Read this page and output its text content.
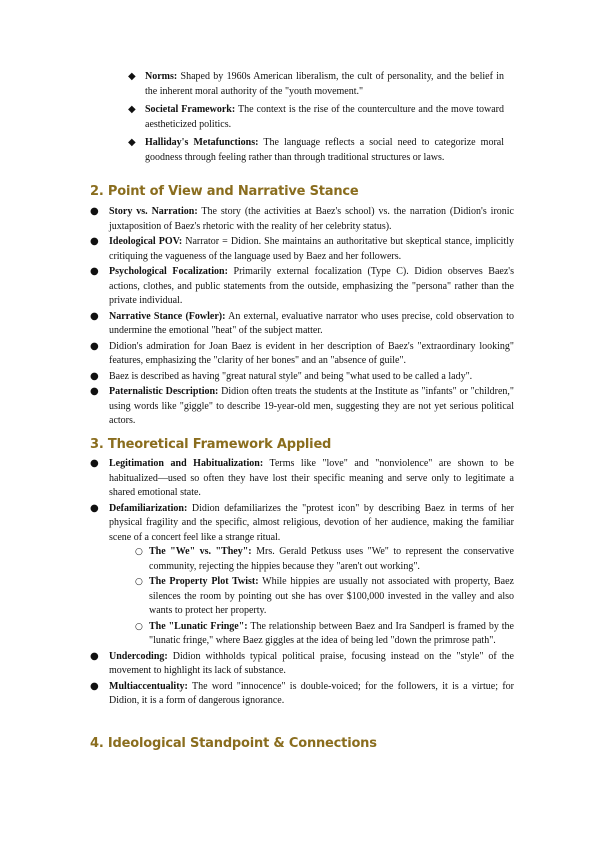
◆ Norms: Shaped by 1960s American liberalism, the cult of personality, and the belief in the inherent moral authority of the "youth movement."
◆ Societal Framework: The context is the rise of the counterculture and the move toward aestheticized politics.
◆ Halliday's Metafunctions: The language reflects a social need to categorize moral goodness through feeling rather than through traditional structures or laws.
2. Point of View and Narrative Stance
● Story vs. Narration: The story (the activities at Baez's school) vs. the narration (Didion's ironic juxtaposition of Baez's rhetoric with the reality of her celebrity status).
● Ideological POV: Narrator = Didion. She maintains an authoritative but skeptical stance, implicitly critiquing the vagueness of the language used by Baez and her followers.
● Psychological Focalization: Primarily external focalization (Type C). Didion observes Baez's actions, clothes, and public statements from the outside, emphasizing the "persona" rather than the private individual.
● Narrative Stance (Fowler): An external, evaluative narrator who uses precise, cold observation to undermine the emotional "heat" of the subject matter.
● Didion's admiration for Joan Baez is evident in her description of Baez's "extraordinary looking" features, emphasizing the "clarity of her bones" and an "absence of guile".
● Baez is described as having "great natural style" and being "what used to be called a lady".
● Paternalistic Description: Didion often treats the students at the Institute as "infants" or "children," using words like "giggle" to describe 19-year-old men, suggesting they are not yet serious political actors.
3. Theoretical Framework Applied
● Legitimation and Habitualization: Terms like "love" and "nonviolence" are shown to be habitualized—used so often they have lost their specific meaning and serve only to legitimate a shared emotional state.
● Defamiliarization: Didion defamiliarizes the "protest icon" by describing Baez in terms of her physical fragility and the specific, almost religious, devotion of her audience, making the familiar scene of a concert feel like a strange ritual.
○ The "We" vs. "They": Mrs. Gerald Petkuss uses "We" to represent the conservative community, rejecting the hippies because they "aren't out working".
○ The Property Plot Twist: While hippies are usually not associated with property, Baez silences the room by pointing out she has over $100,000 invested in the valley and also wants to protect her property.
○ The "Lunatic Fringe": The relationship between Baez and Ira Sandperl is framed by the "lunatic fringe," where Baez giggles at the idea of being led "down the primrose path".
● Undercoding: Didion withholds typical political praise, focusing instead on the "style" of the movement to highlight its lack of substance.
● Multiaccentuality: The word "innocence" is double-voiced; for the followers, it is a virtue; for Didion, it is a form of dangerous ignorance.
4. Ideological Standpoint & Connections
